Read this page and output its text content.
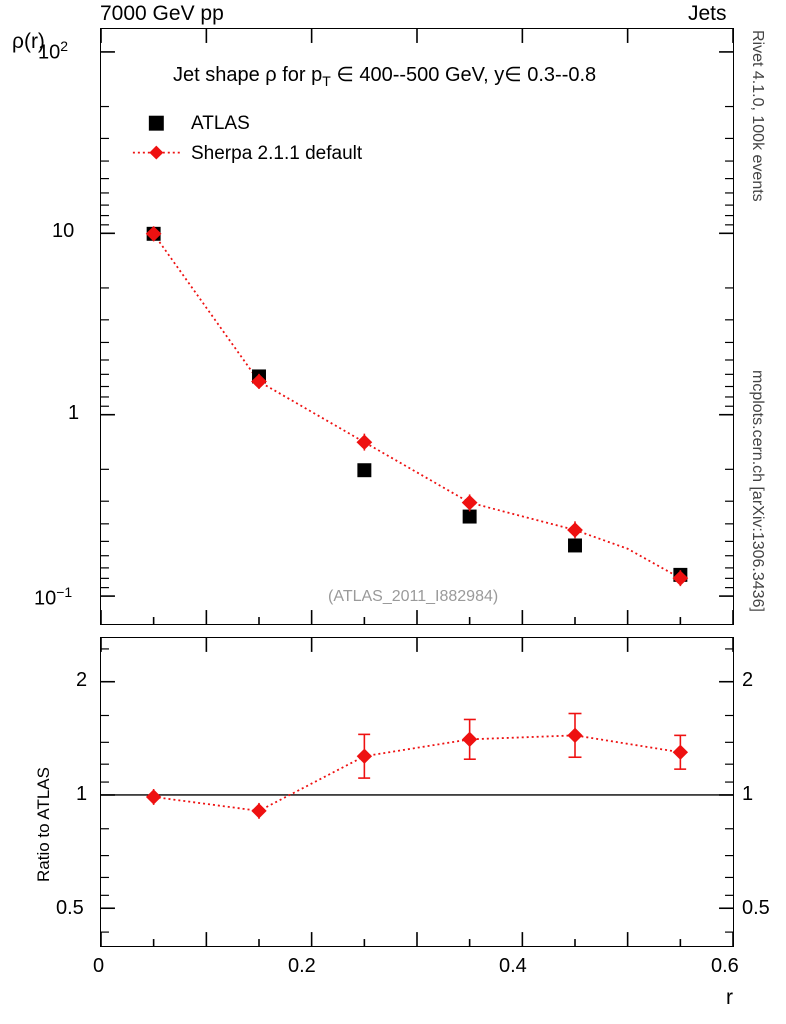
7000 GeV pp	Jets
Rivet 4.1.0, 100k events
mcplots.cern.ch [arXiv:1306.3436]
Jet shape ρ for $p_T$ ∈ 400--500 GeV, y∈ 0.3--0.8
ATLAS
Sherpa 2.1.1 default
(ATLAS_2011_I882984)
$10^2$
10
1
$10^{-1}$
ρ(r)
2
1
0.5
2
1
0.5
Ratio to ATLAS
0	0.2	0.4	0.6
r
